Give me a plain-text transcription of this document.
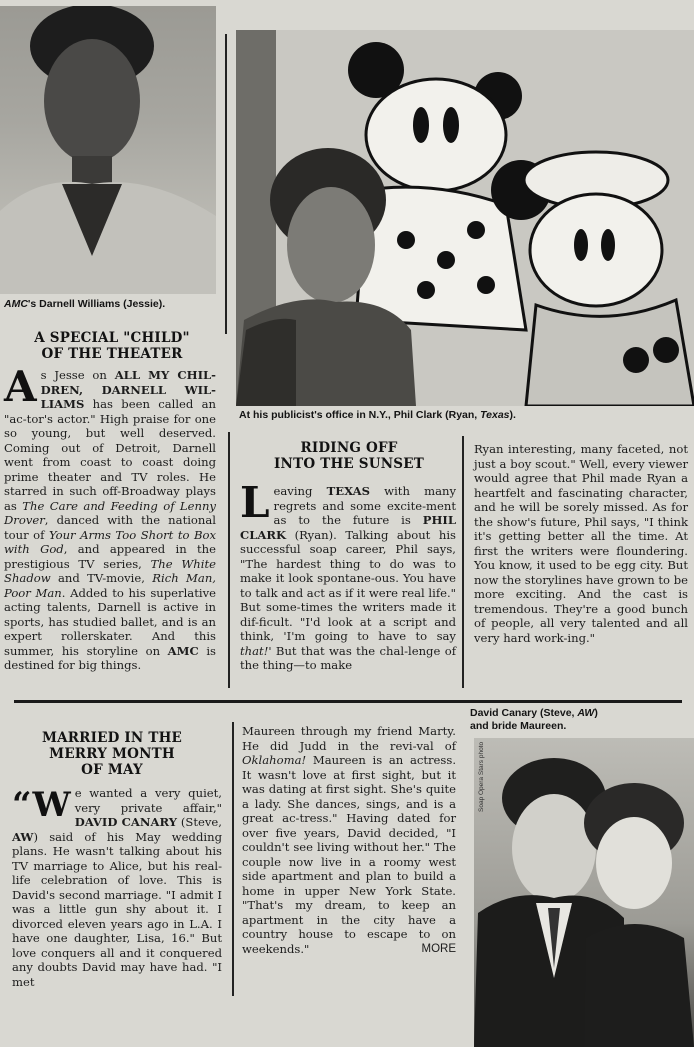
AMC's Darnell Williams (Jessie).
At his publicist's office in N.Y., Phil Clark (Ryan, Texas).
A SPECIAL "CHILD"
OF THE THEATER

As Jesse on ALL MY CHIL-DREN, DARNELL WIL-LIAMS has been called an "ac-tor's actor." High praise for one so young, but well deserved. Coming out of Detroit, Darnell went from coast to coast doing prime theater and TV roles. He starred in such off-Broadway plays as The Care and Feeding of Lenny Drover, danced with the national tour of Your Arms Too Short to Box with God, and appeared in the prestigious TV series, The White Shadow and TV-movie, Rich Man, Poor Man. Added to his superlative acting talents, Darnell is active in sports, has studied ballet, and is an expert rollerskater. And this summer, his storyline on AMC is destined for big things.

RIDING OFF
INTO THE SUNSET

Leaving TEXAS with many regrets and some excite-ment as to the future is PHIL CLARK (Ryan). Talking about his successful soap career, Phil says, "The hardest thing to do was to make it look spontane-ous. You have to talk and act as if it were real life." But some-times the writers made it dif-ficult. "I'd look at a script and think, 'I'm going to have to say that!' But that was the chal-lenge of the thing—to make

Ryan interesting, many faceted, not just a boy scout." Well, every viewer would agree that Phil made Ryan a heartfelt and fascinating character, and he will be sorely missed. As for the show's future, Phil says, "I think it's getting better all the time. At first the writers were floundering. You know, it used to be egg city. But now the storylines have grown to be more exciting. And the cast is tremendous. They're a good bunch of people, all very talented and all very hard work-ing."

MARRIED IN THE
MERRY MONTH
OF MAY

“W e wanted a very quiet, very private affair," DAVID CANARY (Steve, AW) said of his May wedding plans. He wasn't talking about his TV marriage to Alice, but his real-life celebration of love. This is David's second marriage. "I admit I was a little gun shy about it. I divorced eleven years ago in L.A. I have one daughter, Lisa, 16." But love conquers all and it conquered any doubts David may have had. "I met

Maureen through my friend Marty. He did Judd in the revi-val of Oklahoma! Maureen is an actress. It wasn't love at first sight, but it was dating at first sight. She's quite a lady. She dances, sings, and is a great ac-tress." Having dated for over five years, David decided, "I couldn't see living without her." The couple now live in a roomy west side apartment and plan to build a home in upper New York State. "That's my dream, to keep an apartment in the city have a country house to escape to on weekends."	MORE

David Canary (Steve, AW)
and bride Maureen.
Soap Opera Stars photo
